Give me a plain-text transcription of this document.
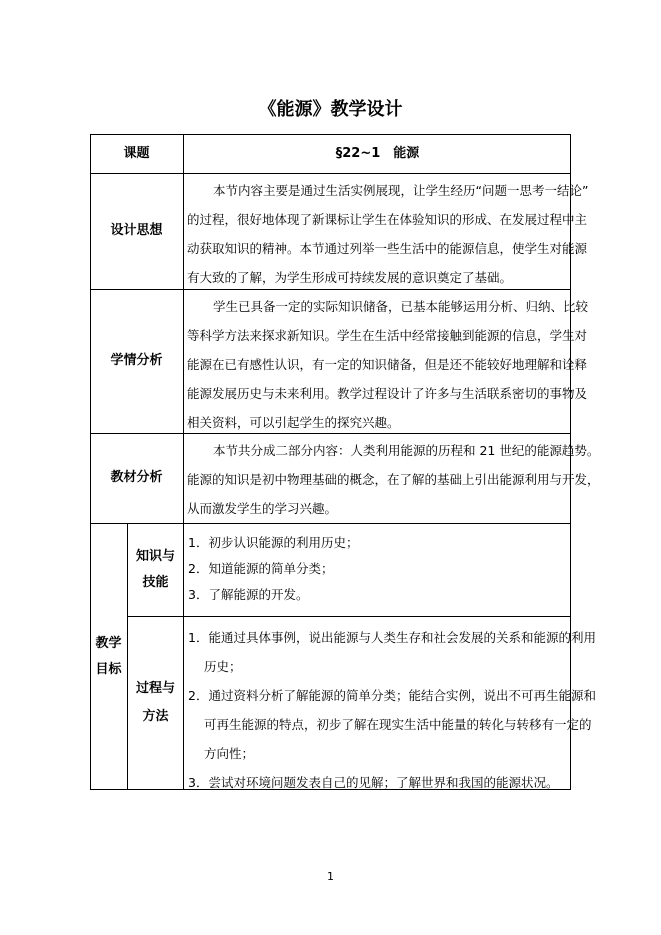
《能源》教学设计
课题	§22~1　能源
设计思想
本节内容主要是通过生活实例展现，让学生经历“问题一思考一结论”
的过程，很好地体现了新课标让学生在体验知识的形成、在发展过程中主
动获取知识的精神。本节通过列举一些生活中的能源信息，使学生对能源
有大致的了解，为学生形成可持续发展的意识奠定了基础。
学情分析
学生已具备一定的实际知识储备，已基本能够运用分析、归纳、比较
等科学方法来探求新知识。学生在生活中经常接触到能源的信息，学生对
能源在已有感性认识，有一定的知识储备，但是还不能较好地理解和诠释
能源发展历史与未来利用。教学过程设计了许多与生活联系密切的事物及
相关资料，可以引起学生的探究兴趣。
教材分析
本节共分成二部分内容：人类利用能源的历程和 21 世纪的能源趋势。
能源的知识是初中物理基础的概念，在了解的基础上引出能源利用与开发，
从而激发学生的学习兴趣。
教学
目标
知识与
技能
1．初步认识能源的利用历史；
2．知道能源的简单分类；
3．了解能源的开发。
过程与
方法
1．能通过具体事例，说出能源与人类生存和社会发展的关系和能源的利用
历史；
2．通过资料分析了解能源的简单分类；能结合实例，说出不可再生能源和
可再生能源的特点，初步了解在现实生活中能量的转化与转移有一定的
方向性；
3．尝试对环境问题发表自己的见解；了解世界和我国的能源状况。
1
